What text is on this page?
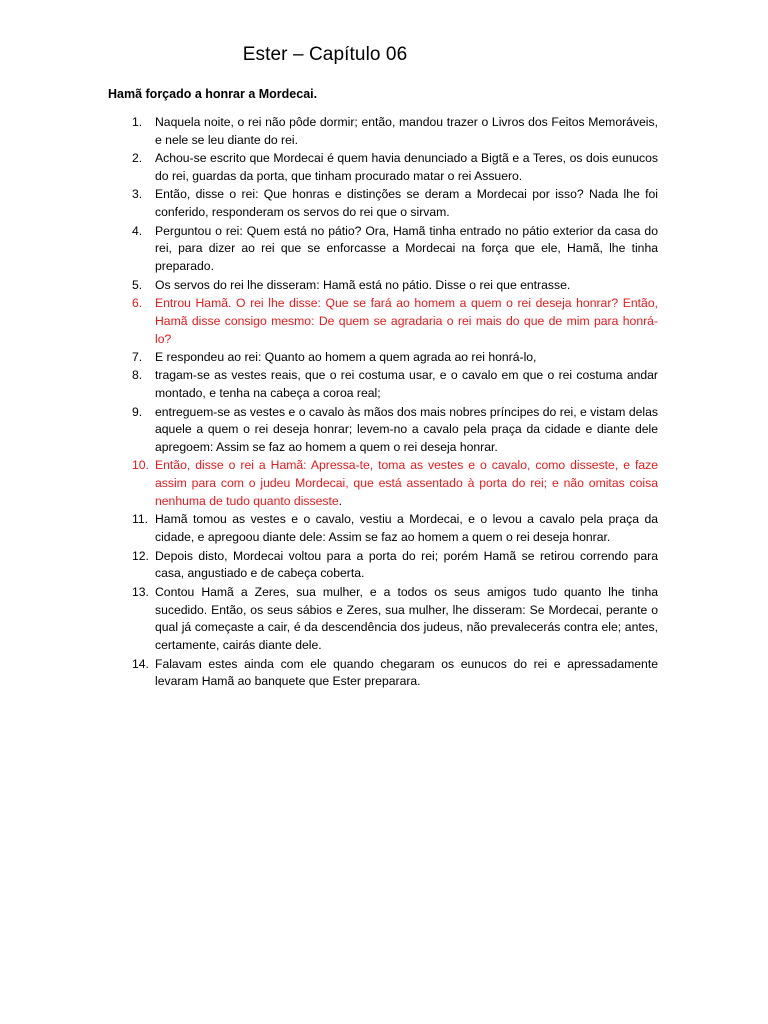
Ester – Capítulo 06
Hamã forçado a honrar a Mordecai.
1. Naquela noite, o rei não pôde dormir; então, mandou trazer o Livros dos Feitos Memoráveis, e nele se leu diante do rei.
2. Achou-se escrito que Mordecai é quem havia denunciado a Bigtã e a Teres, os dois eunucos do rei, guardas da porta, que tinham procurado matar o rei Assuero.
3. Então, disse o rei: Que honras e distinções se deram a Mordecai por isso? Nada lhe foi conferido, responderam os servos do rei que o sirvam.
4. Perguntou o rei: Quem está no pátio? Ora, Hamã tinha entrado no pátio exterior da casa do rei, para dizer ao rei que se enforcasse a Mordecai na força que ele, Hamã, lhe tinha preparado.
5. Os servos do rei lhe disseram: Hamã está no pátio. Disse o rei que entrasse.
6. Entrou Hamã. O rei lhe disse: Que se fará ao homem a quem o rei deseja honrar? Então, Hamã disse consigo mesmo: De quem se agradaria o rei mais do que de mim para honrá-lo?
7. E respondeu ao rei: Quanto ao homem a quem agrada ao rei honrá-lo,
8. tragam-se as vestes reais, que o rei costuma usar, e o cavalo em que o rei costuma andar montado, e tenha na cabeça a coroa real;
9. entreguem-se as vestes e o cavalo às mãos dos mais nobres príncipes do rei, e vistam delas aquele a quem o rei deseja honrar; levem-no a cavalo pela praça da cidade e diante dele apregoem: Assim se faz ao homem a quem o rei deseja honrar.
10. Então, disse o rei a Hamã: Apressa-te, toma as vestes e o cavalo, como disseste, e faze assim para com o judeu Mordecai, que está assentado à porta do rei; e não omitas coisa nenhuma de tudo quanto disseste.
11. Hamã tomou as vestes e o cavalo, vestiu a Mordecai, e o levou a cavalo pela praça da cidade, e apregoou diante dele: Assim se faz ao homem a quem o rei deseja honrar.
12. Depois disto, Mordecai voltou para a porta do rei; porém Hamã se retirou correndo para casa, angustiado e de cabeça coberta.
13. Contou Hamã a Zeres, sua mulher, e a todos os seus amigos tudo quanto lhe tinha sucedido. Então, os seus sábios e Zeres, sua mulher, lhe disseram: Se Mordecai, perante o qual já começaste a cair, é da descendência dos judeus, não prevalecerás contra ele; antes, certamente, cairás diante dele.
14. Falavam estes ainda com ele quando chegaram os eunucos do rei e apressadamente levaram Hamã ao banquete que Ester preparara.
